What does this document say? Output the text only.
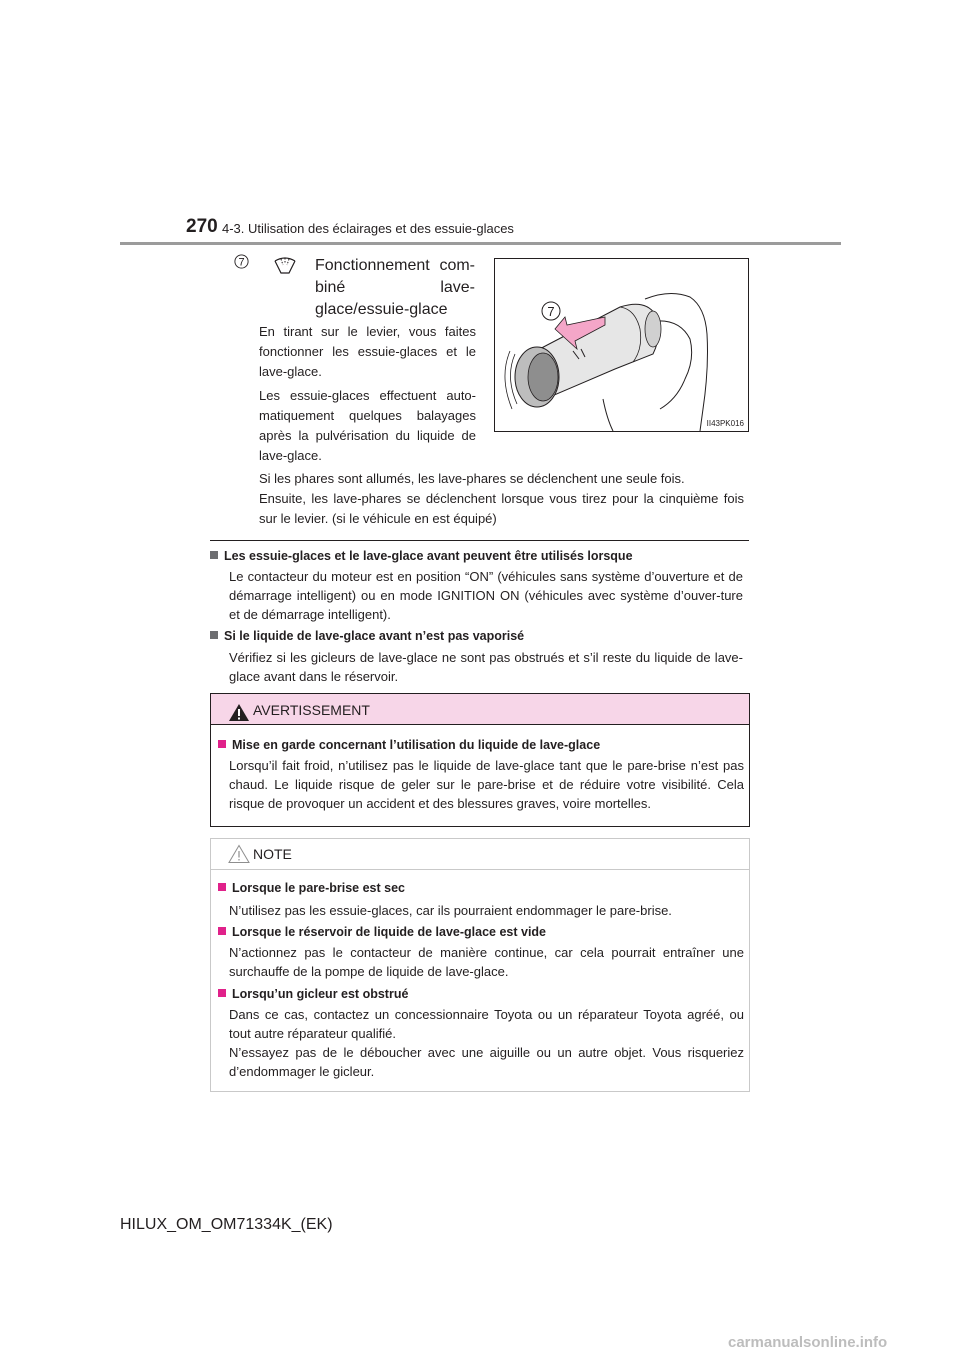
270 4-3. Utilisation des éclairages et des essuie-glaces
7	Fonctionnement com-biné lave-glace/essuie-glace
En tirant sur le levier, vous faites fonctionner les essuie-glaces et le lave-glace.
Les essuie-glaces effectuent auto-matiquement quelques balayages après la pulvérisation du liquide de lave-glace.
Si les phares sont allumés, les lave-phares se déclenchent une seule fois.
Ensuite, les lave-phares se déclenchent lorsque vous tirez pour la cinquième fois sur le levier. (si le véhicule en est équipé)
7
II43PK016
Les essuie-glaces et le lave-glace avant peuvent être utilisés lorsque
Le contacteur du moteur est en position “ON” (véhicules sans système d’ouverture et de démarrage intelligent) ou en mode IGNITION ON (véhicules avec système d’ouver-ture et de démarrage intelligent).
Si le liquide de lave-glace avant n’est pas vaporisé
Vérifiez si les gicleurs de lave-glace ne sont pas obstrués et s’il reste du liquide de lave-glace avant dans le réservoir.
AVERTISSEMENT
Mise en garde concernant l’utilisation du liquide de lave-glace
Lorsqu’il fait froid, n’utilisez pas le liquide de lave-glace tant que le pare-brise n’est pas chaud. Le liquide risque de geler sur le pare-brise et de réduire votre visibilité. Cela risque de provoquer un accident et des blessures graves, voire mortelles.
NOTE
Lorsque le pare-brise est sec
N’utilisez pas les essuie-glaces, car ils pourraient endommager le pare-brise.
Lorsque le réservoir de liquide de lave-glace est vide
N’actionnez pas le contacteur de manière continue, car cela pourrait entraîner une surchauffe de la pompe de liquide de lave-glace.
Lorsqu’un gicleur est obstrué
Dans ce cas, contactez un concessionnaire Toyota ou un réparateur Toyota agréé, ou tout autre réparateur qualifié.
N’essayez pas de le déboucher avec une aiguille ou un autre objet. Vous risqueriez d’endommager le gicleur.
HILUX_OM_OM71334K_(EK)
carmanualsonline.info
